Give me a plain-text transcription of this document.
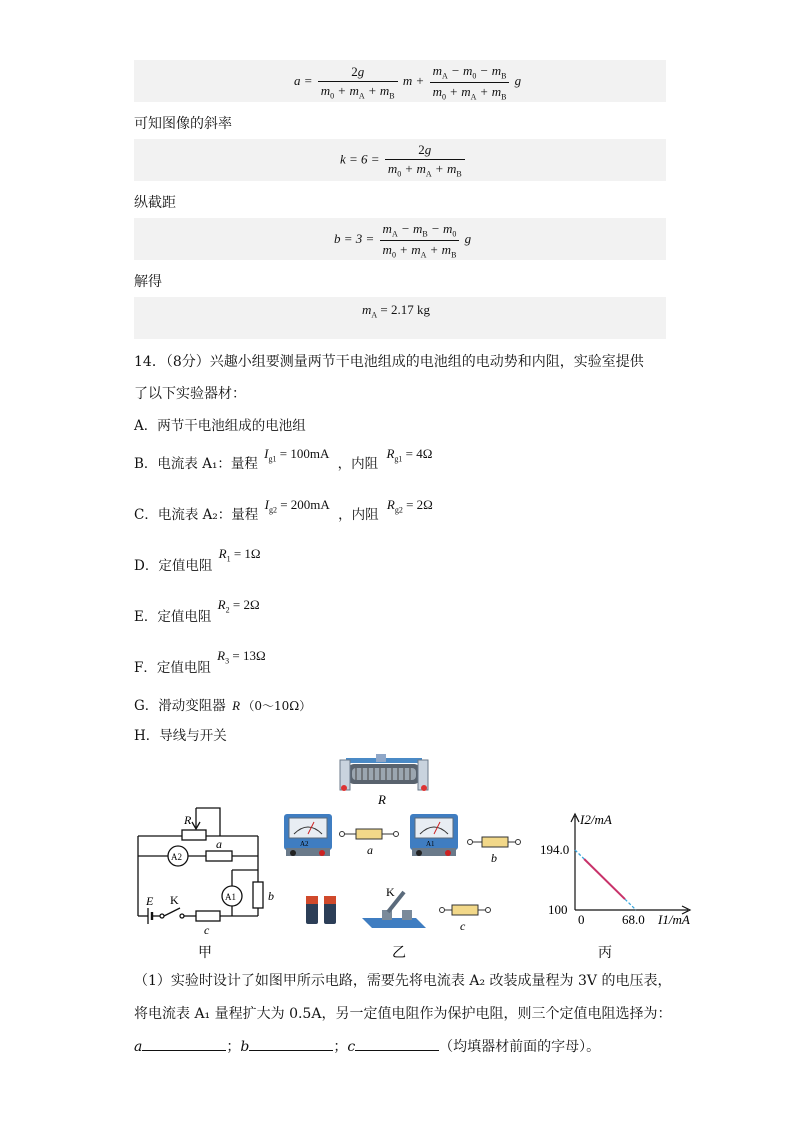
$a = \frac{2g}{m_0 + m_A + m_B}$ $m + \frac{m_A - m_0 - m_B}{m_0 + m_A + m_B}$ g
可知图像的斜率
$k = 6 = \frac{2g}{m_0 + m_A + m_B}$
纵截距
$b = 3 = \frac{m_A - m_B - m_0}{m_0 + m_A + m_B}$ g
解得
$m_A = 2.17$ kg
14．（8分）兴趣小组要测量两节干电池组成的电池组的电动势和内阻，实验室提供
了以下实验器材：
A．两节干电池组成的电池组
B．电流表 A₁：量程 $I_{g1} = 100mA$ ，内阻 $R_{g1} = 4\Omega$
C．电流表 A₂：量程 $I_{g2} = 200mA$ ，内阻 $R_{g2} = 2\Omega$
D．定值电阻 $R_1 = 1\Omega$
E．定值电阻 $R_2 = 2\Omega$
F．定值电阻 $R_3 = 13\Omega$
G．滑动变阻器 R （0～10Ω）
H．导线与开关
R
R
A2
a
A1	b
E K
c
A2	a	A1
b
K
c
I2/mA
194.0
100
0	68.0 I1/mA
甲	乙	丙
（1）实验时设计了如图甲所示电路，需要先将电流表 A₂ 改装成量程为 3V 的电压表，
将电流表 A₁ 量程扩大为 0.5A，另一定值电阻作为保护电阻，则三个定值电阻选择为：
a	；b	；c	（均填器材前面的字母）。
